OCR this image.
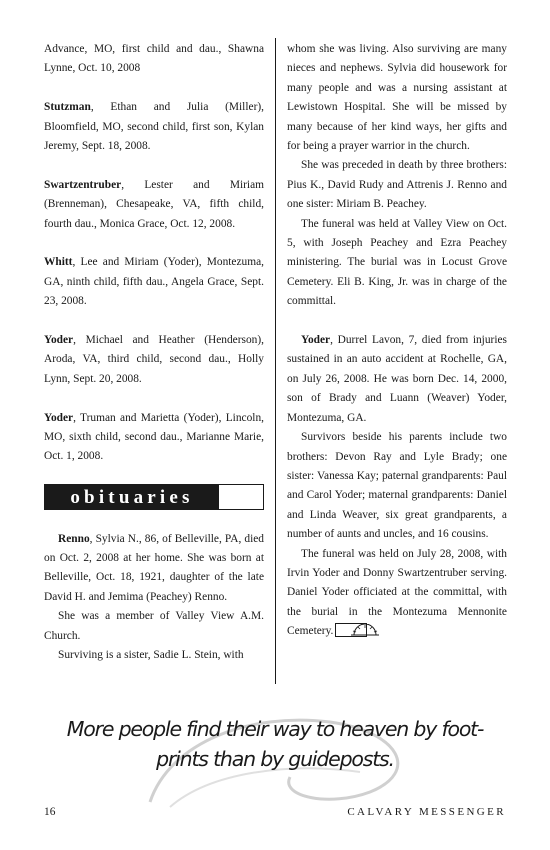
Advance, MO, first child and dau., Shawna Lynne, Oct. 10, 2008
Stutzman, Ethan and Julia (Miller), Bloomfield, MO, second child, first son, Kylan Jeremy, Sept. 18, 2008.
Swartzentruber, Lester and Miriam (Brenneman), Chesapeake, VA, fifth child, fourth dau., Monica Grace, Oct. 12, 2008.
Whitt, Lee and Miriam (Yoder), Montezuma, GA, ninth child, fifth dau., Angela Grace, Sept. 23, 2008.
Yoder, Michael and Heather (Henderson), Aroda, VA, third child, second dau., Holly Lynn, Sept. 20, 2008.
Yoder, Truman and Marietta (Yoder), Lincoln, MO, sixth child, second dau., Marianne Marie, Oct. 1, 2008.
obituaries

Renno, Sylvia N., 86, of Belleville, PA, died on Oct. 2, 2008 at her home. She was born at Belleville, Oct. 18, 1921, daughter of the late David H. and Jemima (Peachey) Renno.

She was a member of Valley View A.M. Church.

Surviving is a sister, Sadie L. Stein, with

whom she was living. Also surviving are many nieces and nephews. Sylvia did housework for many people and was a nursing assistant at Lewistown Hospital. She will be missed by many because of her kind ways, her gifts and for being a prayer warrior in the church.

She was preceded in death by three brothers: Pius K., David Rudy and Attrenis J. Renno and one sister: Miriam B. Peachey.

The funeral was held at Valley View on Oct. 5, with Joseph Peachey and Ezra Peachey ministering. The burial was in Locust Grove Cemetery. Eli B. King, Jr. was in charge of the committal.

Yoder, Durrel Lavon, 7, died from injuries sustained in an auto accident at Rochelle, GA, on July 26, 2008. He was born Dec. 14, 2000, son of Brady and Luann (Weaver) Yoder, Montezuma, GA.

Survivors beside his parents include two brothers: Devon Ray and Lyle Brady; one sister: Vanessa Kay; paternal grandparents: Paul and Carol Yoder; maternal grandparents: Daniel and Linda Weaver, six great grandparents, a number of aunts and uncles, and 16 cousins.

The funeral was held on July 28, 2008, with Irvin Yoder and Donny Swartzentruber serving. Daniel Yoder officiated at the committal, with the burial in the Montezuma Mennonite Cemetery.

More people find their way to heaven by foot-
prints than by guideposts.
16	CALVARY MESSENGER
